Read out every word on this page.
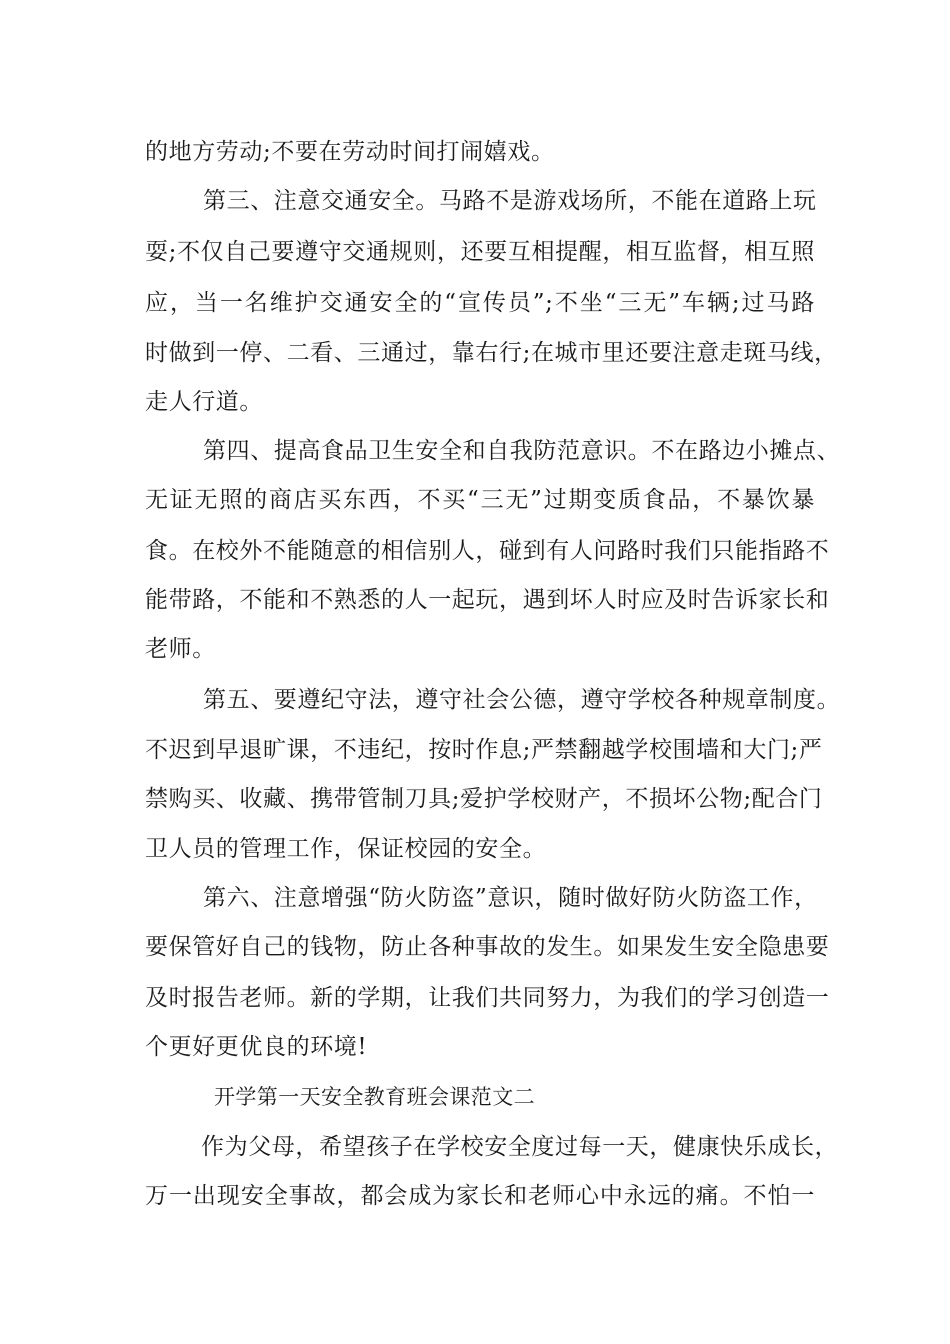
的地方劳动;不要在劳动时间打闹嬉戏。
第三、注意交通安全。马路不是游戏场所，不能在道路上玩
耍;不仅自己要遵守交通规则，还要互相提醒，相互监督，相互照
应，当一名维护交通安全的“宣传员”;不坐“三无”车辆;过马路
时做到一停、二看、三通过，靠右行;在城市里还要注意走斑马线，
走人行道。
第四、提高食品卫生安全和自我防范意识。不在路边小摊点、
无证无照的商店买东西，不买“三无”过期变质食品，不暴饮暴
食。在校外不能随意的相信别人，碰到有人问路时我们只能指路不
能带路，不能和不熟悉的人一起玩，遇到坏人时应及时告诉家长和
老师。
第五、要遵纪守法，遵守社会公德，遵守学校各种规章制度。
不迟到早退旷课，不违纪，按时作息;严禁翻越学校围墙和大门;严
禁购买、收藏、携带管制刀具;爱护学校财产，不损坏公物;配合门
卫人员的管理工作，保证校园的安全。
第六、注意增强“防火防盗”意识，随时做好防火防盗工作，
要保管好自己的钱物，防止各种事故的发生。如果发生安全隐患要
及时报告老师。新的学期，让我们共同努力，为我们的学习创造一
个更好更优良的环境!
开学第一天安全教育班会课范文二
作为父母，希望孩子在学校安全度过每一天，健康快乐成长，
万一出现安全事故，都会成为家长和老师心中永远的痛。不怕一
